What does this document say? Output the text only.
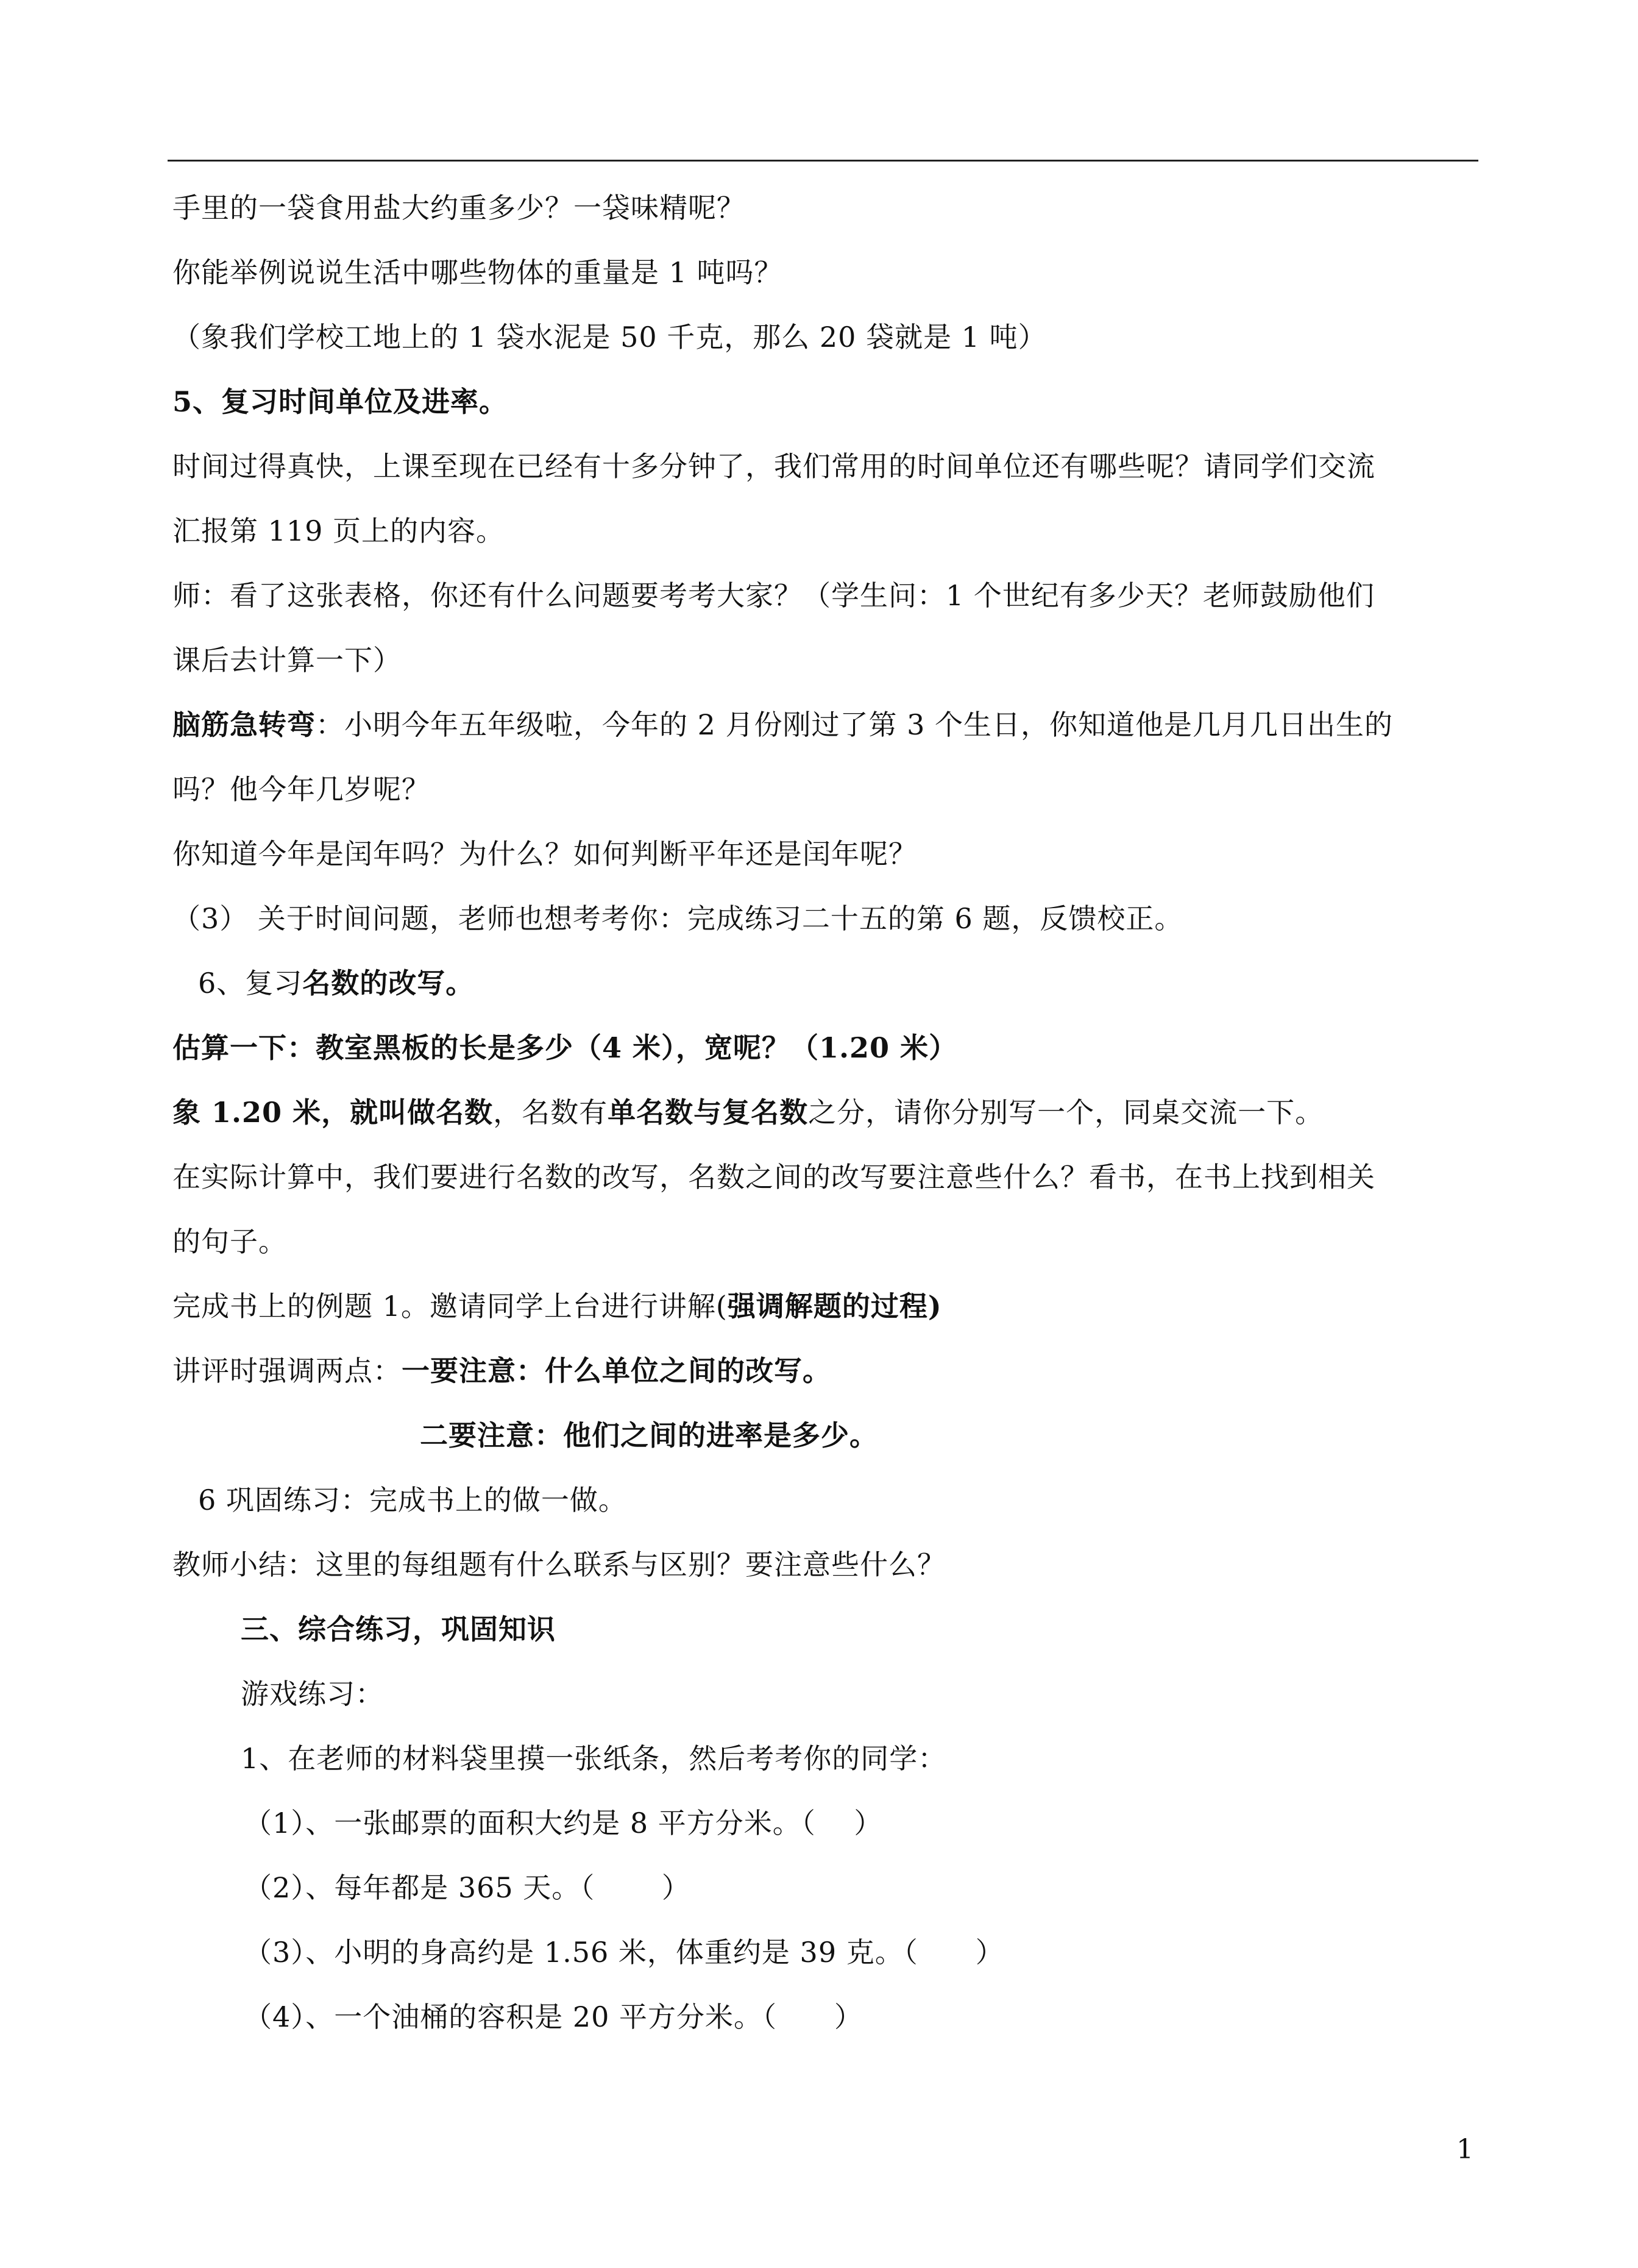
手里的一袋食用盐大约重多少？一袋味精呢？
你能举例说说生活中哪些物体的重量是 1 吨吗？
（象我们学校工地上的 1 袋水泥是 50 千克，那么 20 袋就是 1 吨）
5、复习时间单位及进率。
时间过得真快，上课至现在已经有十多分钟了，我们常用的时间单位还有哪些呢？请同学们交流
汇报第 119 页上的内容。
师：看了这张表格，你还有什么问题要考考大家？（学生问：1 个世纪有多少天？老师鼓励他们
课后去计算一下）
脑筋急转弯：小明今年五年级啦，今年的 2 月份刚过了第 3 个生日，你知道他是几月几日出生的
吗？他今年几岁呢？
你知道今年是闰年吗？为什么？如何判断平年还是闰年呢？
（3） 关于时间问题，老师也想考考你：完成练习二十五的第 6 题，反馈校正。
6、复习名数的改写。
估算一下：教室黑板的长是多少（4 米），宽呢？（1.20 米）
象 1.20 米，就叫做名数，名数有单名数与复名数之分，请你分别写一个，同桌交流一下。
在实际计算中，我们要进行名数的改写，名数之间的改写要注意些什么？看书，在书上找到相关
的句子。
完成书上的例题 1。邀请同学上台进行讲解(强调解题的过程)
讲评时强调两点：一要注意：什么单位之间的改写。
二要注意：他们之间的进率是多少。
6 巩固练习：完成书上的做一做。
教师小结：这里的每组题有什么联系与区别？要注意些什么？
三、综合练习，巩固知识
游戏练习：
1、在老师的材料袋里摸一张纸条，然后考考你的同学：
（1）、一张邮票的面积大约是 8 平方分米。（　 ）
（2）、每年都是 365 天。（　　 ）
（3）、小明的身高约是 1.56 米，体重约是 39 克。（　　）
（4）、一个油桶的容积是 20 平方分米。（　　）
1
